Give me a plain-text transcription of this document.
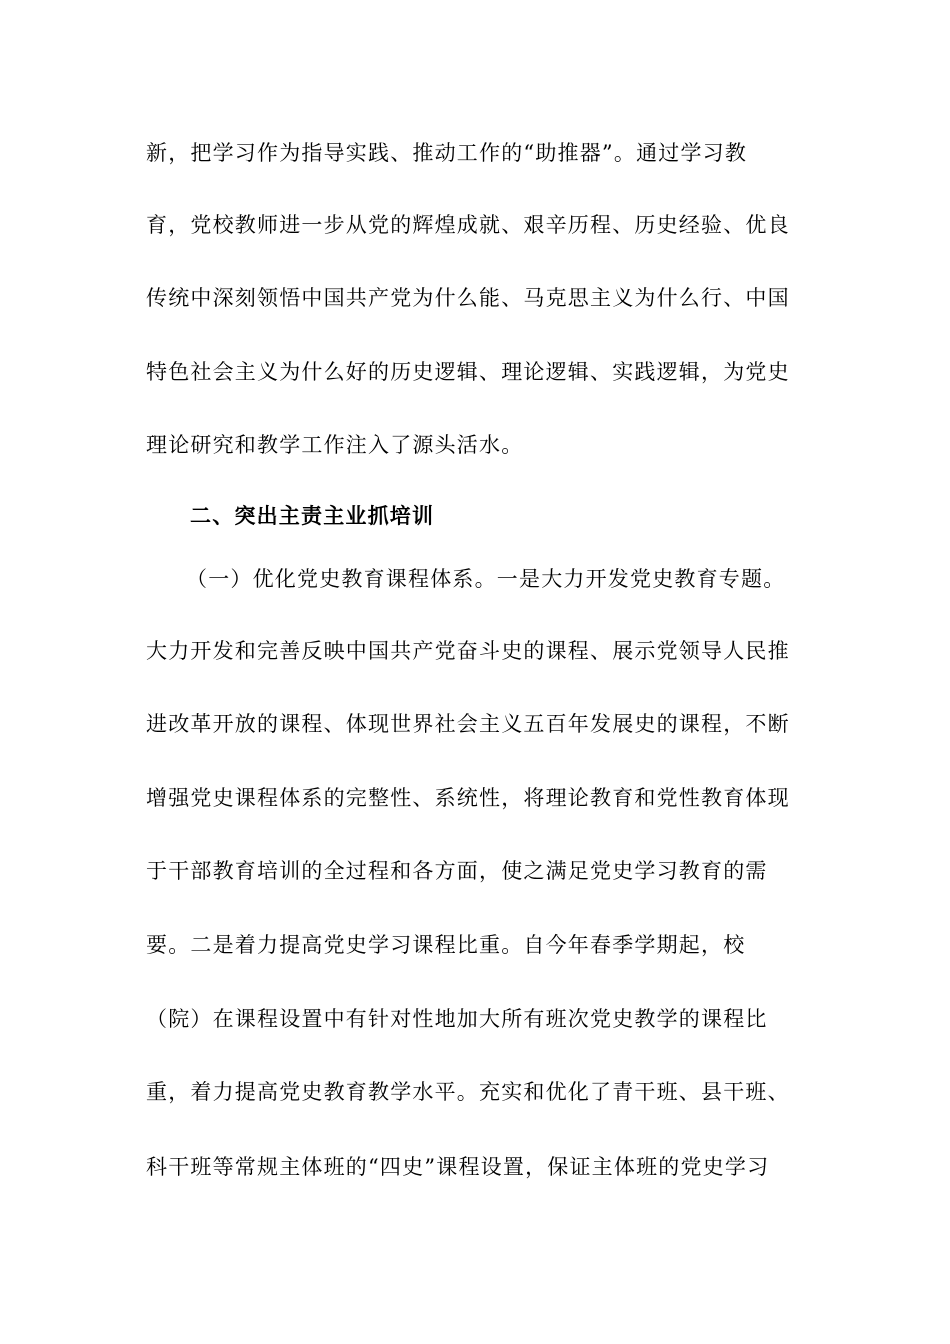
新，把学习作为指导实践、推动工作的“助推器”。通过学习教
育，党校教师进一步从党的辉煌成就、艰辛历程、历史经验、优良
传统中深刻领悟中国共产党为什么能、马克思主义为什么行、中国
特色社会主义为什么好的历史逻辑、理论逻辑、实践逻辑，为党史
理论研究和教学工作注入了源头活水。
二、突出主责主业抓培训
（一）优化党史教育课程体系。一是大力开发党史教育专题。
大力开发和完善反映中国共产党奋斗史的课程、展示党领导人民推
进改革开放的课程、体现世界社会主义五百年发展史的课程，不断
增强党史课程体系的完整性、系统性，将理论教育和党性教育体现
于干部教育培训的全过程和各方面，使之满足党史学习教育的需
要。二是着力提高党史学习课程比重。自今年春季学期起，校
（院）在课程设置中有针对性地加大所有班次党史教学的课程比
重，着力提高党史教育教学水平。充实和优化了青干班、县干班、
科干班等常规主体班的“四史”课程设置，保证主体班的党史学习
